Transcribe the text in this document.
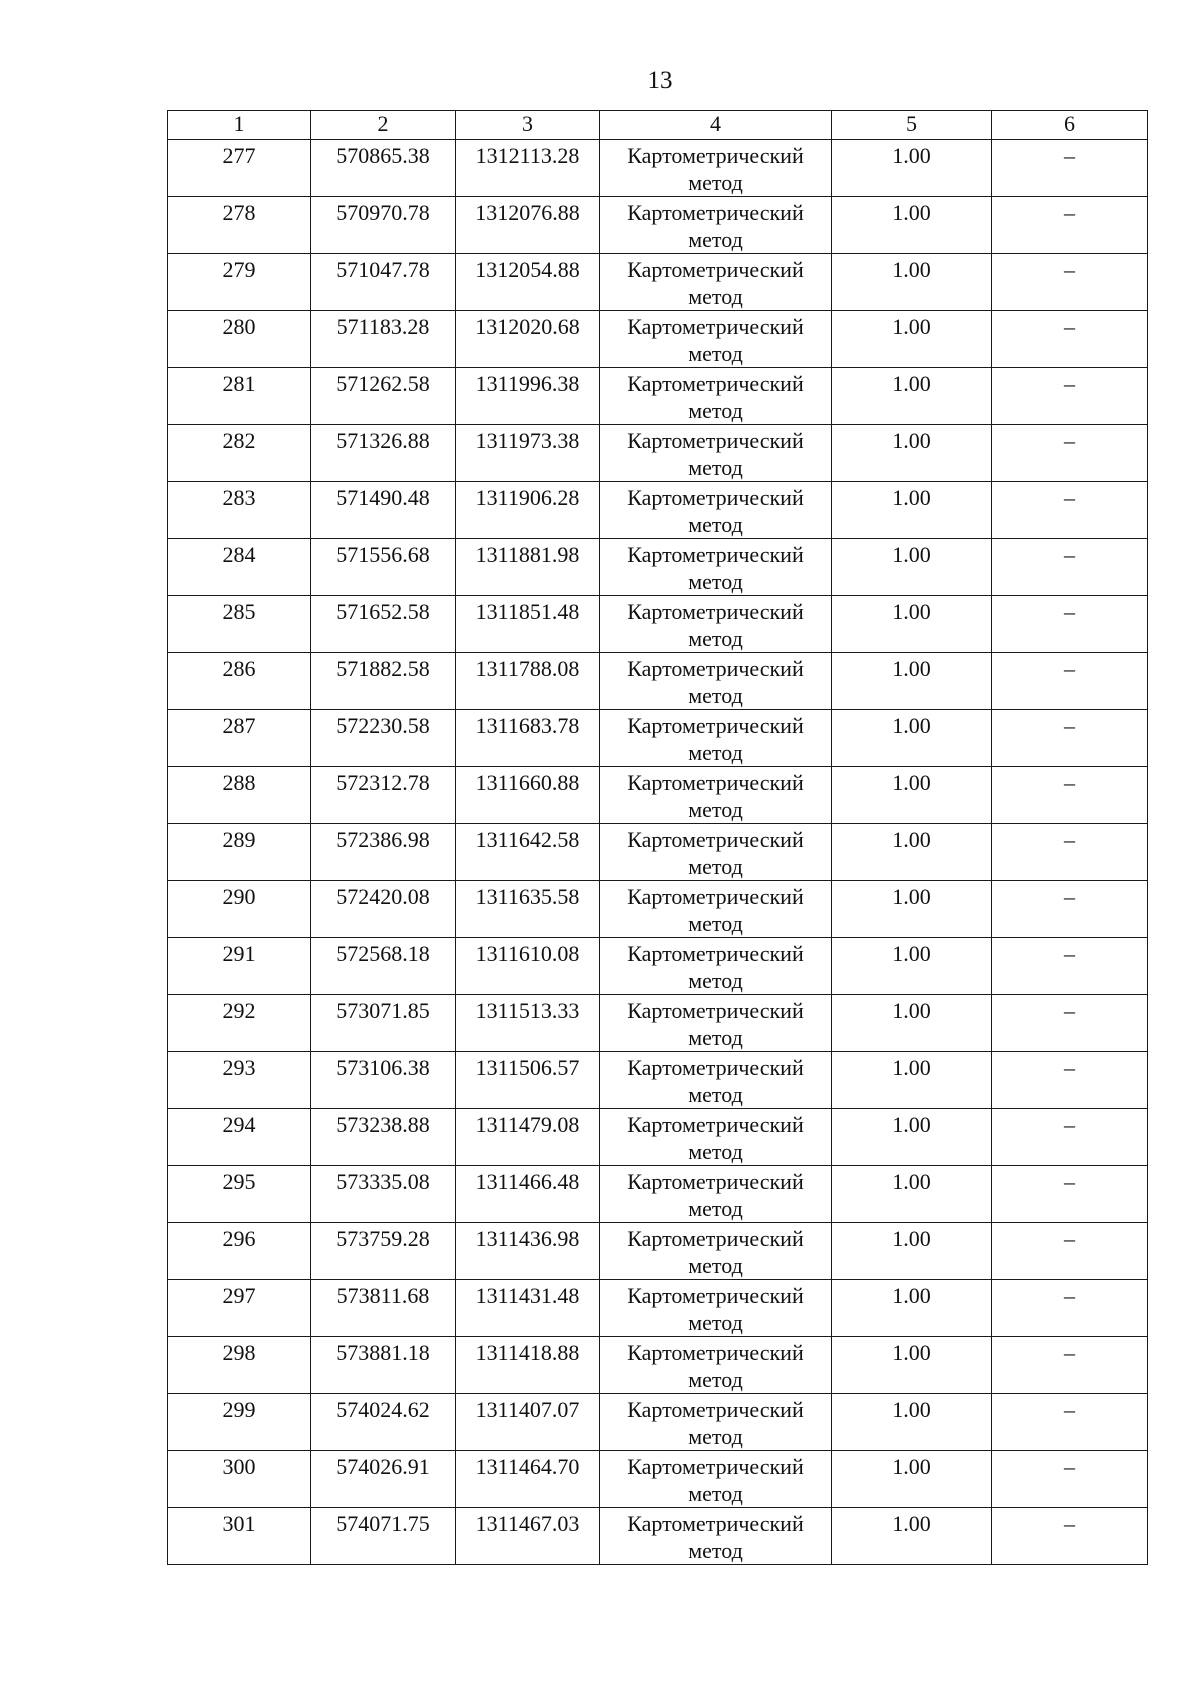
13
1	2	3	4	5	6
277	570865.38	1312113.28	Картометрический метод	1.00	–
278	570970.78	1312076.88	Картометрический метод	1.00	–
279	571047.78	1312054.88	Картометрический метод	1.00	–
280	571183.28	1312020.68	Картометрический метод	1.00	–
281	571262.58	1311996.38	Картометрический метод	1.00	–
282	571326.88	1311973.38	Картометрический метод	1.00	–
283	571490.48	1311906.28	Картометрический метод	1.00	–
284	571556.68	1311881.98	Картометрический метод	1.00	–
285	571652.58	1311851.48	Картометрический метод	1.00	–
286	571882.58	1311788.08	Картометрический метод	1.00	–
287	572230.58	1311683.78	Картометрический метод	1.00	–
288	572312.78	1311660.88	Картометрический метод	1.00	–
289	572386.98	1311642.58	Картометрический метод	1.00	–
290	572420.08	1311635.58	Картометрический метод	1.00	–
291	572568.18	1311610.08	Картометрический метод	1.00	–
292	573071.85	1311513.33	Картометрический метод	1.00	–
293	573106.38	1311506.57	Картометрический метод	1.00	–
294	573238.88	1311479.08	Картометрический метод	1.00	–
295	573335.08	1311466.48	Картометрический метод	1.00	–
296	573759.28	1311436.98	Картометрический метод	1.00	–
297	573811.68	1311431.48	Картометрический метод	1.00	–
298	573881.18	1311418.88	Картометрический метод	1.00	–
299	574024.62	1311407.07	Картометрический метод	1.00	–
300	574026.91	1311464.70	Картометрический метод	1.00	–
301	574071.75	1311467.03	Картометрический метод	1.00	–
